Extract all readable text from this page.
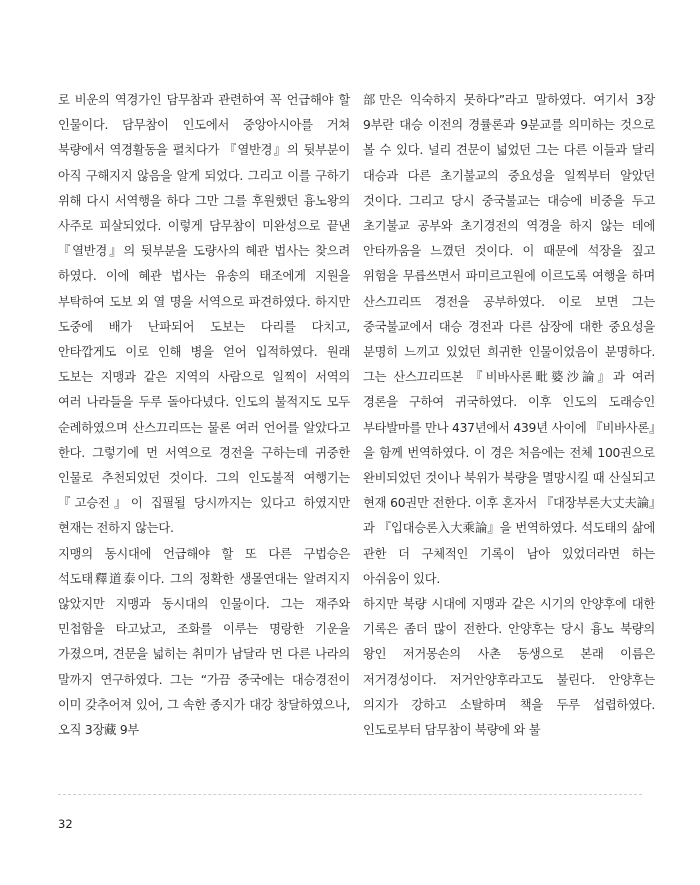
로 비운의 역경가인 담무참과 관련하여 꼭 언급해야 할 인물이다. 담무참이 인도에서 중앙아시아를 거쳐 북량에서 역경활동을 펼치다가 『열반경』의 뒷부분이 아직 구해지지 않음을 알게 되었다. 그리고 이를 구하기 위해 다시 서역행을 하다 그만 그를 후원했던 흉노왕의 사주로 피살되었다. 이렇게 담무참이 미완성으로 끝낸 『열반경』의 뒷부분을 도량사의 혜관 법사는 찾으려 하였다. 이에 혜관 법사는 유송의 태조에게 지원을 부탁하여 도보 외 열 명을 서역으로 파견하였다. 하지만 도중에 배가 난파되어 도보는 다리를 다치고, 안타깝게도 이로 인해 병을 얻어 입적하였다. 원래 도보는 지맹과 같은 지역의 사람으로 일찍이 서역의 여러 나라들을 두루 돌아다녔다. 인도의 불적지도 모두 순례하였으며 산스끄리뜨는 물론 여러 언어를 알았다고 한다. 그렇기에 먼 서역으로 경전을 구하는데 귀중한 인물로 추천되었던 것이다. 그의 인도불적 여행기는 『고승전』이 집필될 당시까지는 있다고 하였지만 현재는 전하지 않는다.

지맹의 동시대에 언급해야 할 또 다른 구법승은 석도태釋道泰이다. 그의 정확한 생몰연대는 알려지지 않았지만 지맹과 동시대의 인물이다. 그는 재주와 민첩함을 타고났고, 조화를 이루는 명랑한 기운을 가졌으며, 견문을 넓히는 취미가 남달라 먼 다른 나라의 말까지 연구하였다. 그는 “가끔 중국에는 대승경전이 이미 갖추어져 있어, 그 속한 종지가 대강 창달하였으나, 오직 3장藏 9부

部만은 익숙하지 못하다”라고 말하였다. 여기서 3장 9부란 대승 이전의 경률론과 9분교를 의미하는 것으로 볼 수 있다. 널리 견문이 넓었던 그는 다른 이들과 달리 대승과 다른 초기불교의 중요성을 일찍부터 알았던 것이다. 그리고 당시 중국불교는 대승에 비중을 두고 초기불교 공부와 초기경전의 역경을 하지 않는 데에 안타까움을 느꼈던 것이다. 이 때문에 석장을 짚고 위험을 무릅쓰면서 파미르고원에 이르도록 여행을 하며 산스끄리뜨 경전을 공부하였다. 이로 보면 그는 중국불교에서 대승 경전과 다른 삼장에 대한 중요성을 분명히 느끼고 있었던 희귀한 인물이었음이 분명하다. 그는 산스끄리뜨본 『비바사론毗婆沙論』과 여러 경론을 구하여 귀국하였다. 이후 인도의 도래승인 부타발마를 만나 437년에서 439년 사이에 『비바사론』을 함께 번역하였다. 이 경은 처음에는 전체 100권으로 완비되었던 것이나 북위가 북량을 멸망시킬 때 산실되고 현재 60권만 전한다. 이후 혼자서 『대장부론大丈夫論』과 『입대승론入大乘論』을 번역하였다. 석도태의 삶에 관한 더 구체적인 기록이 남아 있었더라면 하는 아쉬움이 있다.

하지만 북량 시대에 지맹과 같은 시기의 안양후에 대한 기록은 좀더 많이 전한다. 안양후는 당시 흉노 북량의 왕인 저거몽손의 사촌 동생으로 본래 이름은 저거경성이다. 저거안양후라고도 불린다. 안양후는 의지가 강하고 소탈하며 책을 두루 섭렵하였다. 인도로부터 담무참이 북량에 와 불

32
